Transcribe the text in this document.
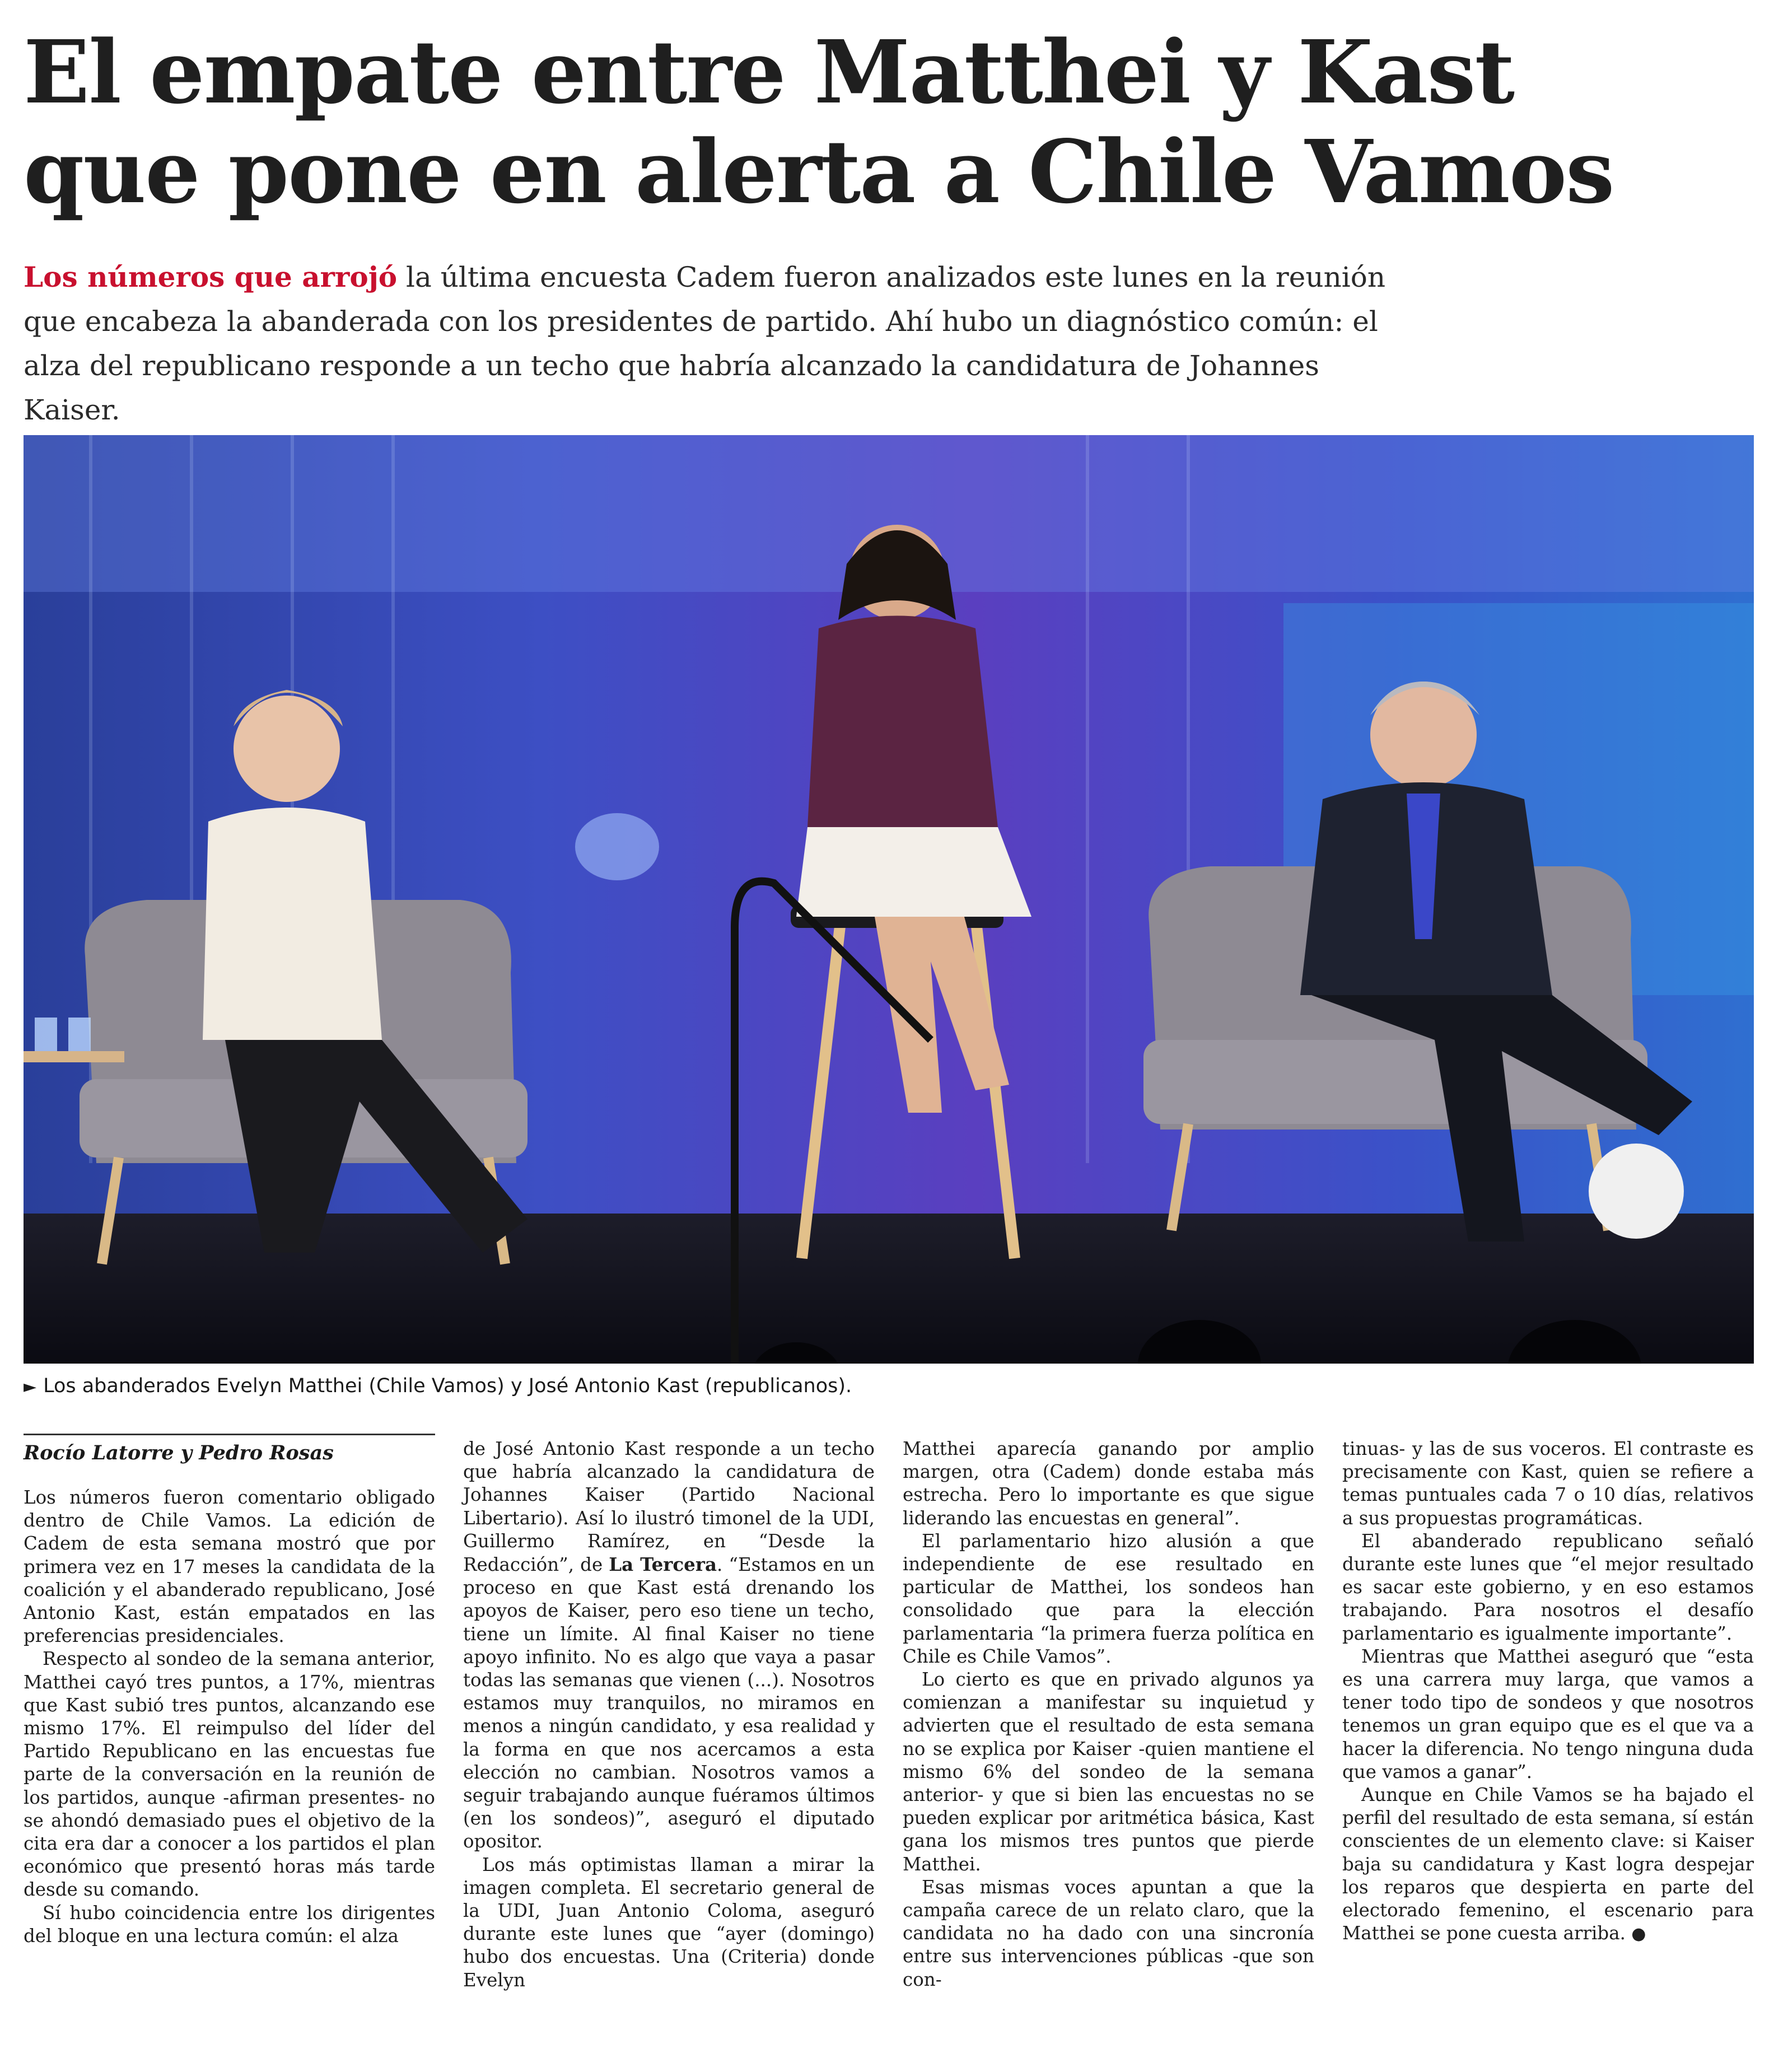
El empate entre Matthei y Kast
que pone en alerta a Chile Vamos

Los números que arrojó la última encuesta Cadem fueron analizados este lunes en la reunión que encabeza la abanderada con los presidentes de partido. Ahí hubo un diagnóstico común: el alza del republicano responde a un techo que habría alcanzado la candidatura de Johannes Kaiser.

► Los abanderados Evelyn Matthei (Chile Vamos) y José Antonio Kast (republicanos).
Rocío Latorre y Pedro Rosas

Los números fueron comentario obligado dentro de Chile Vamos. La edición de Cadem de esta semana mostró que por primera vez en 17 meses la candidata de la coalición y el abanderado republicano, José Antonio Kast, están empatados en las preferencias presidenciales.

Respecto al sondeo de la semana anterior, Matthei cayó tres puntos, a 17%, mientras que Kast subió tres puntos, alcanzando ese mismo 17%. El reimpulso del líder del Partido Republicano en las encuestas fue parte de la conversación en la reunión de los partidos, aunque -afirman presentes- no se ahondó demasiado pues el objetivo de la cita era dar a conocer a los partidos el plan económico que presentó horas más tarde desde su comando.

Sí hubo coincidencia entre los dirigentes del bloque en una lectura común: el alza

de José Antonio Kast responde a un techo que habría alcanzado la candidatura de Johannes Kaiser (Partido Nacional Libertario). Así lo ilustró timonel de la UDI, Guillermo Ramírez, en “Desde la Redacción”, de La Tercera. “Estamos en un proceso en que Kast está drenando los apoyos de Kaiser, pero eso tiene un techo, tiene un límite. Al final Kaiser no tiene apoyo infinito. No es algo que vaya a pasar todas las semanas que vienen (...). Nosotros estamos muy tranquilos, no miramos en menos a ningún candidato, y esa realidad y la forma en que nos acercamos a esta elección no cambian. Nosotros vamos a seguir trabajando aunque fuéramos últimos (en los sondeos)”, aseguró el diputado opositor.

Los más optimistas llaman a mirar la imagen completa. El secretario general de la UDI, Juan Antonio Coloma, aseguró durante este lunes que “ayer (domingo) hubo dos encuestas. Una (Criteria) donde Evelyn

Matthei aparecía ganando por amplio margen, otra (Cadem) donde estaba más estrecha. Pero lo importante es que sigue liderando las encuestas en general”.

El parlamentario hizo alusión a que independiente de ese resultado en particular de Matthei, los sondeos han consolidado que para la elección parlamentaria “la primera fuerza política en Chile es Chile Vamos”.

Lo cierto es que en privado algunos ya comienzan a manifestar su inquietud y advierten que el resultado de esta semana no se explica por Kaiser -quien mantiene el mismo 6% del sondeo de la semana anterior- y que si bien las encuestas no se pueden explicar por aritmética básica, Kast gana los mismos tres puntos que pierde Matthei.

Esas mismas voces apuntan a que la campaña carece de un relato claro, que la candidata no ha dado con una sincronía entre sus intervenciones públicas -que son con-

tinuas- y las de sus voceros. El contraste es precisamente con Kast, quien se refiere a temas puntuales cada 7 o 10 días, relativos a sus propuestas programáticas.

El abanderado republicano señaló durante este lunes que “el mejor resultado es sacar este gobierno, y en eso estamos trabajando. Para nosotros el desafío parlamentario es igualmente importante”.

Mientras que Matthei aseguró que “esta es una carrera muy larga, que vamos a tener todo tipo de sondeos y que nosotros tenemos un gran equipo que es el que va a hacer la diferencia. No tengo ninguna duda que vamos a ganar”.

Aunque en Chile Vamos se ha bajado el perfil del resultado de esta semana, sí están conscientes de un elemento clave: si Kaiser baja su candidatura y Kast logra despejar los reparos que despierta en parte del electorado femenino, el escenario para Matthei se pone cuesta arriba. ●
